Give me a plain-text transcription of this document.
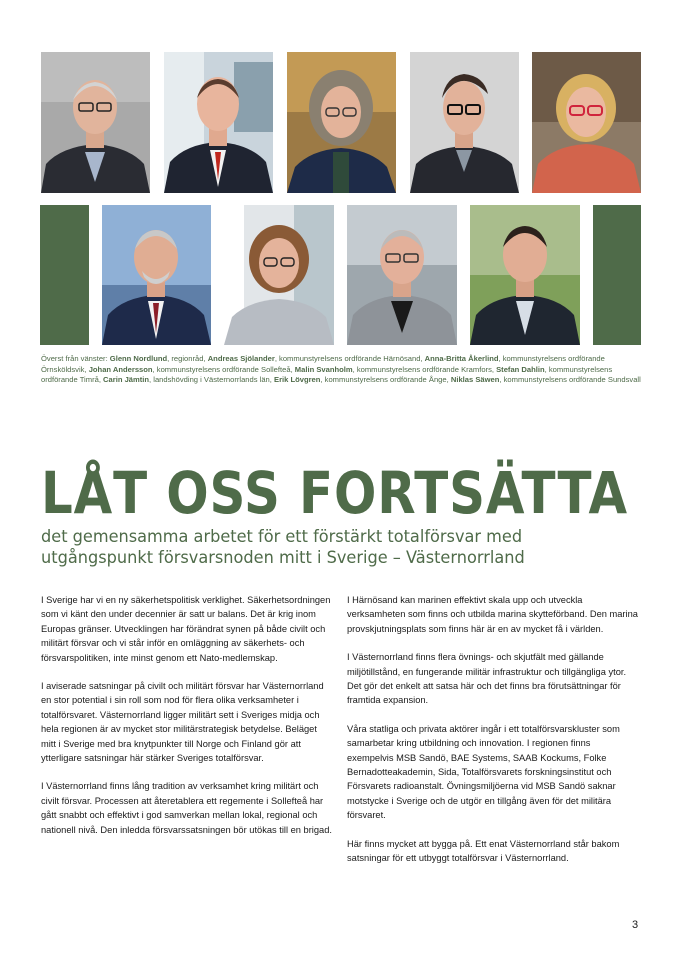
Överst från vänster: Glenn Nordlund, regionråd, Andreas Sjölander, kommunstyrelsens ordförande Härnösand, Anna-Britta Åkerlind, kommunstyrelsens ordförande Örnsköldsvik, Johan Andersson, kommunstyrelsens ordförande Sollefteå, Malin Svanholm, kommunstyrelsens ordförande Kramfors, Stefan Dahlin, kommunstyrelsens ordförande Timrå, Carin Jämtin, landshövding i Västernorrlands län, Erik Lövgren, kommunstyrelsens ordförande Ånge, Niklas Säwen, kommunstyrelsens ordförande Sundsvall
LÅT OSS FORTSÄTTA
det gemensamma arbetet för ett förstärkt totalförsvar med utgångspunkt försvarsnoden mitt i Sverige – Västernorrland

I Sverige har vi en ny säkerhetspolitisk verklighet. Säkerhetsordningen som vi känt den under decennier är satt ur balans. Det är krig inom Europas gränser. Utvecklingen har förändrat synen på både civilt och militärt försvar och vi står inför en omläggning av säkerhets- och försvarspolitiken, inte minst genom ett Nato-medlemskap.

I aviserade satsningar på civilt och militärt försvar har Västernorrland en stor potential i sin roll som nod för flera olika verksamheter i totalförsvaret. Västernorrland ligger militärt sett i Sveriges midja och hela regionen är av mycket stor militärstrategisk betydelse. Beläget mitt i Sverige med bra knytpunkter till Norge och Finland gör att ytterligare satsningar här stärker Sveriges totalförsvar.

I Västernorrland finns lång tradition av verksamhet kring militärt och civilt försvar. Processen att återetablera ett regemente i Sollefteå har gått snabbt och effektivt i god samverkan mellan lokal, regional och nationell nivå. Den inledda försvarssatsningen bör utökas till en brigad.

I Härnösand kan marinen effektivt skala upp och utveckla verksamheten som finns och utbilda marina skytteförband. Den marina provskjutningsplats som finns här är en av mycket få i världen.

I Västernorrland finns flera övnings- och skjutfält med gällande miljötillstånd, en fungerande militär infrastruktur och tillgängliga ytor. Det gör det enkelt att satsa här och det finns bra förutsättningar för framtida expansion.

Våra statliga och privata aktörer ingår i ett totalförsvarskluster som samarbetar kring utbildning och innovation. I regionen finns exempelvis MSB Sandö, BAE Systems, SAAB Kockums, Folke Bernadotteakademin, Sida, Totalförsvarets forskningsinstitut och Försvarets radioanstalt. Övningsmiljöerna vid MSB Sandö saknar motstycke i Sverige och de utgör en tillgång även för det militära försvaret.

Här finns mycket att bygga på. Ett enat Västernorrland står bakom satsningar för ett utbyggt totalförsvar i Västernorrland.

3
